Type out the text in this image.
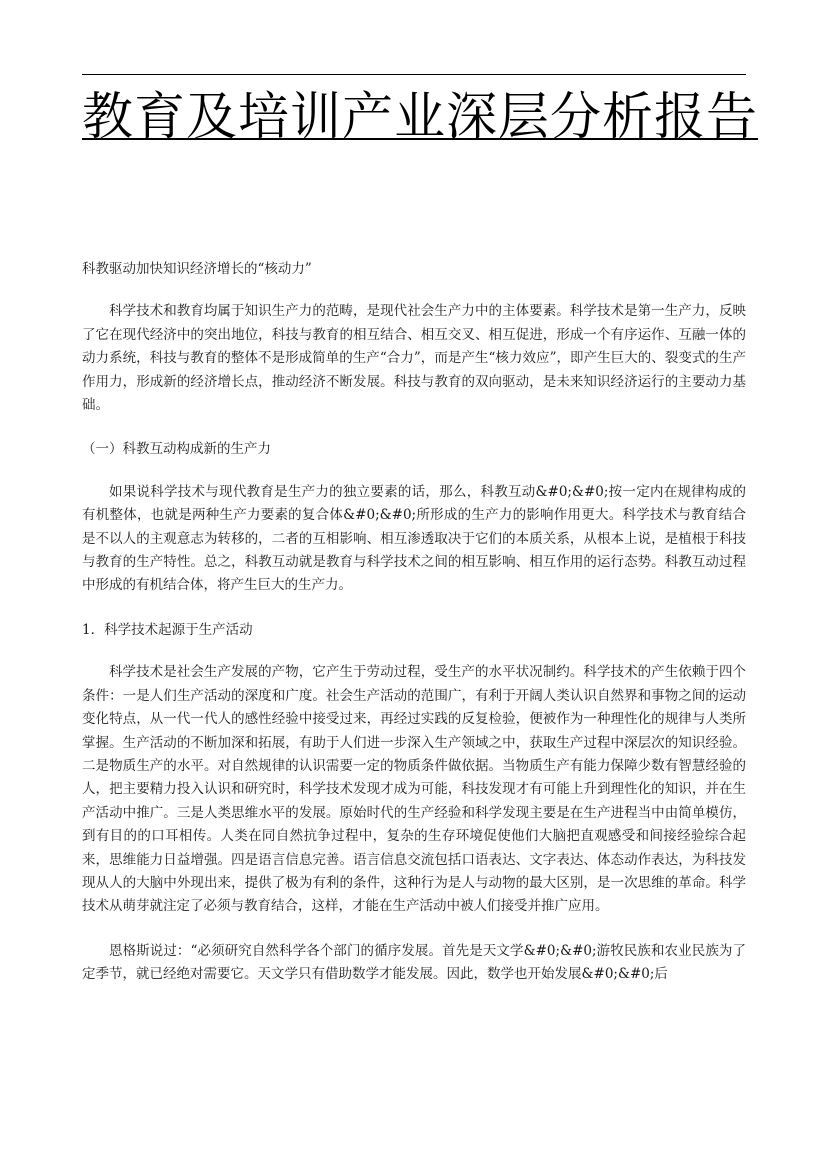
教育及培训产业深层分析报告

科教驱动加快知识经济增长的“核动力”

科学技术和教育均属于知识生产力的范畴，是现代社会生产力中的主体要素。科学技术是第一生产力，反映了它在现代经济中的突出地位，科技与教育的相互结合、相互交叉、相互促进，形成一个有序运作、互融一体的动力系统，科技与教育的整体不是形成简单的生产“合力”，而是产生“核力效应”，即产生巨大的、裂变式的生产作用力，形成新的经济增长点，推动经济不断发展。科技与教育的双向驱动，是未来知识经济运行的主要动力基础。

（一）科教互动构成新的生产力

如果说科学技术与现代教育是生产力的独立要素的话，那么，科教互动&#0;&#0;按一定内在规律构成的有机整体，也就是两种生产力要素的复合体&#0;&#0;所形成的生产力的影响作用更大。科学技术与教育结合是不以人的主观意志为转移的，二者的互相影响、相互渗透取决于它们的本质关系，从根本上说，是植根于科技与教育的生产特性。总之，科教互动就是教育与科学技术之间的相互影响、相互作用的运行态势。科教互动过程中形成的有机结合体，将产生巨大的生产力。

1．科学技术起源于生产活动

科学技术是社会生产发展的产物，它产生于劳动过程，受生产的水平状况制约。科学技术的产生依赖于四个条件：一是人们生产活动的深度和广度。社会生产活动的范围广，有利于开阔人类认识自然界和事物之间的运动变化特点，从一代一代人的感性经验中接受过来，再经过实践的反复检验，便被作为一种理性化的规律与人类所掌握。生产活动的不断加深和拓展，有助于人们进一步深入生产领域之中，获取生产过程中深层次的知识经验。二是物质生产的水平。对自然规律的认识需要一定的物质条件做依据。当物质生产有能力保障少数有智慧经验的人，把主要精力投入认识和研究时，科学技术发现才成为可能，科技发现才有可能上升到理性化的知识，并在生产活动中推广。三是人类思维水平的发展。原始时代的生产经验和科学发现主要是在生产进程当中由简单模仿，到有目的的口耳相传。人类在同自然抗争过程中，复杂的生存环境促使他们大脑把直观感受和间接经验综合起来，思维能力日益增强。四是语言信息完善。语言信息交流包括口语表达、文字表达、体态动作表达，为科技发现从人的大脑中外现出来，提供了极为有利的条件，这种行为是人与动物的最大区别，是一次思维的革命。科学技术从萌芽就注定了必须与教育结合，这样，才能在生产活动中被人们接受并推广应用。

恩格斯说过：“必须研究自然科学各个部门的循序发展。首先是天文学&#0;&#0;游牧民族和农业民族为了定季节，就已经绝对需要它。天文学只有借助数学才能发展。因此，数学也开始发展&#0;&#0;后
